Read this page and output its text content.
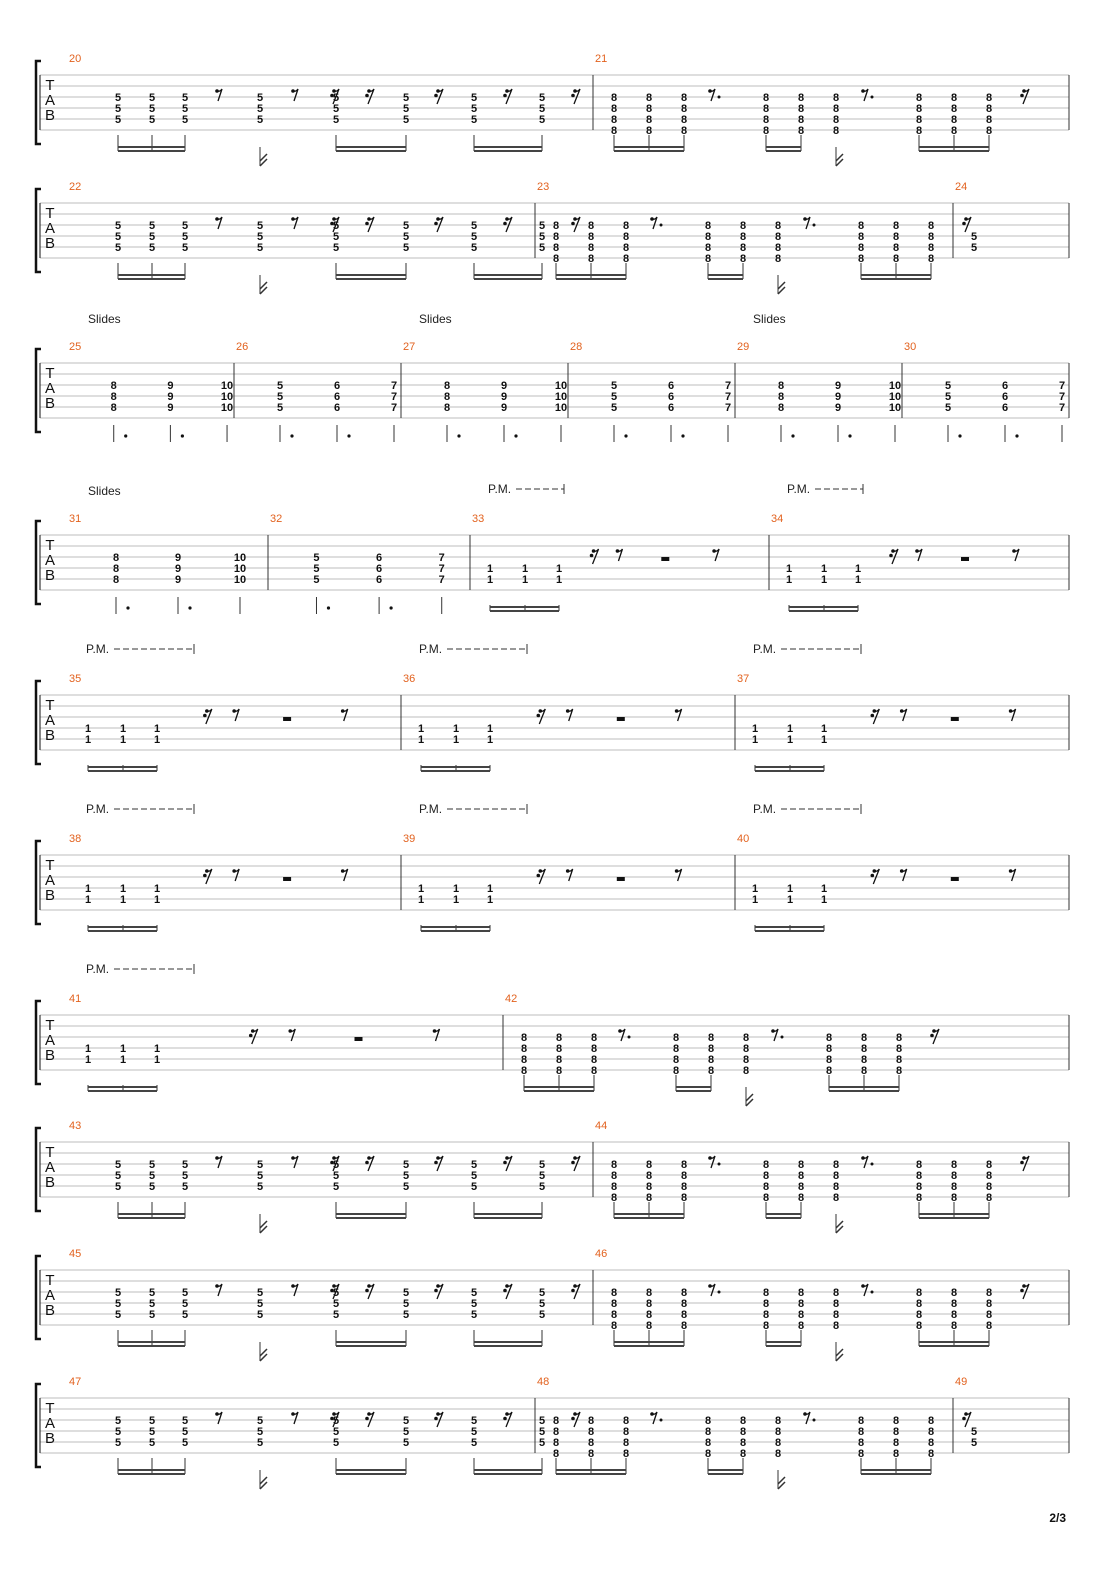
T
A
B
20
5
5
5
5
5
5
5
5
5
5
5
5
5
5
5
5
5
5
5
5
5
5
5
5
21
8
8
8
8
8
8
8
8
8
8
8
8
8
8
8
8
8
8
8
8
8
8
8
8
8
8
8
8
8
8
8
8
8
8
8
8
T
A
B
22
5
5
5
5
5
5
5
5
5
5
5
5
5
5
5
5
5
5
5
5
5
5
5
5
23
8
8
8
8
8
8
8
8
8
8
8
8
8
8
8
8
8
8
8
8
8
8
8
8
8
8
8
8
8
8
8
8
8
8
8
8
24
5
5
T
A
B
25
8
8
8
9
9
9
10
10
10
26
5
5
5
6
6
6
7
7
7
27
8
8
8
9
9
9
10
10
10
28
5
5
5
6
6
6
7
7
7
29
8
8
8
9
9
9
10
10
10
30
5
5
5
6
6
6
7
7
7
Slides	Slides	Slides
T
A
B
31
8
8
8
9
9
9
10
10
10
32
5
5
5
6
6
6
7
7
7
33
1
1
1
1
1
1
P.M.
34
1
1
1
1
1
1
P.M.
Slides
T
A
B
35
1
1
1
1
1
1
P.M.
36
1
1
1
1
1
1
P.M.
37
1
1
1
1
1
1
P.M.
T
A
B
38
1
1
1
1
1
1
P.M.
39
1
1
1
1
1
1
P.M.
40
1
1
1
1
1
1
P.M.
T
A
B
41
1
1
1
1
1
1
P.M.
42
8
8
8
8
8
8
8
8
8
8
8
8
8
8
8
8
8
8
8
8
8
8
8
8
8
8
8
8
8
8
8
8
8
8
8
8
T
A
B
43
5
5
5
5
5
5
5
5
5
5
5
5
5
5
5
5
5
5
5
5
5
5
5
5
44
8
8
8
8
8
8
8
8
8
8
8
8
8
8
8
8
8
8
8
8
8
8
8
8
8
8
8
8
8
8
8
8
8
8
8
8
T
A
B
45
5
5
5
5
5
5
5
5
5
5
5
5
5
5
5
5
5
5
5
5
5
5
5
5
46
8
8
8
8
8
8
8
8
8
8
8
8
8
8
8
8
8
8
8
8
8
8
8
8
8
8
8
8
8
8
8
8
8
8
8
8
T
A
B
47
5
5
5
5
5
5
5
5
5
5
5
5
5
5
5
5
5
5
5
5
5
5
5
5
48
8
8
8
8
8
8
8
8
8
8
8
8
8
8
8
8
8
8
8
8
8
8
8
8
8
8
8
8
8
8
8
8
8
8
8
8
49
5
5
2/3
